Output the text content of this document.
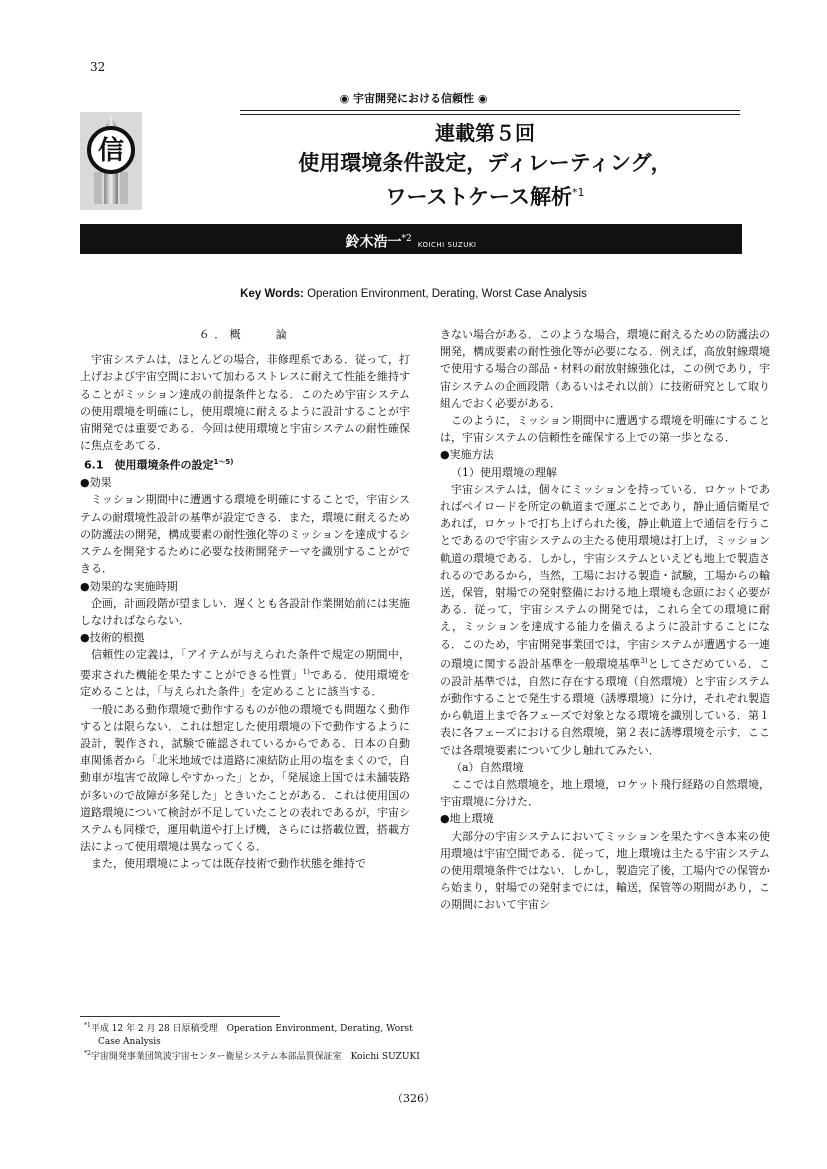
32
◉ 宇宙開発における信頼性 ◉
信
連載第５回
使用環境条件設定，ディレーティング，
ワーストケース解析$^{*1}$
鈴木浩一$^{*2}$KOICHI SUZUKI
Key Words: Operation Environment, Derating, Worst Case Analysis

６．概　　論

宇宙システムは，ほとんどの場合，非修理系である．従って，打上げおよび宇宙空間において加わるストレスに耐えて性能を維持することがミッション達成の前提条件となる．このため宇宙システムの使用環境を明確にし，使用環境に耐えるように設計することが宇宙開発では重要である．今回は使用環境と宇宙システムの耐性確保に焦点をあてる．

6.1　使用環境条件の設定$^{1〜5)}$

●効果

ミッション期間中に遭遇する環境を明確にすることで，宇宙システムの耐環境性設計の基準が設定できる．また，環境に耐えるための防護法の開発，構成要素の耐性強化等のミッションを達成するシステムを開発するために必要な技術開発テーマを識別することができる．

●効果的な実施時期

企画，計画段階が望ましい．遅くとも各設計作業開始前には実施しなければならない．

●技術的根拠

信頼性の定義は，「アイテムが与えられた条件で規定の期間中，要求された機能を果たすことができる性質」$^{1)}$である．使用環境を定めることは，「与えられた条件」を定めることに該当する．

一般にある動作環境で動作するものが他の環境でも問題なく動作するとは限らない．これは想定した使用環境の下で動作するように設計，製作され，試験で確認されているからである．日本の自動車関係者から「北米地域では道路に凍結防止用の塩をまくので，自動車が塩害で故障しやすかった」とか，「発展途上国では未舗装路が多いので故障が多発した」ときいたことがある．これは使用国の道路環境について検討が不足していたことの表れであるが，宇宙システムも同様で，運用軌道や打上げ機，さらには搭載位置，搭載方法によって使用環境は異なってくる．

また，使用環境によっては既存技術で動作状態を維持で

きない場合がある．このような場合，環境に耐えるための防護法の開発，構成要素の耐性強化等が必要になる．例えば，高放射線環境で使用する場合の部品・材料の耐放射線強化は，この例であり，宇宙システムの企画段階（あるいはそれ以前）に技術研究として取り組んでおく必要がある．

このように，ミッション期間中に遭遇する環境を明確にすることは，宇宙システムの信頼性を確保する上での第一歩となる．

●実施方法

（1）使用環境の理解

宇宙システムは，個々にミッションを持っている．ロケットであればペイロードを所定の軌道まで運ぶことであり，静止通信衛星であれば，ロケットで打ち上げられた後，静止軌道上で通信を行うことであるので宇宙システムの主たる使用環境は打上げ，ミッション軌道の環境である．しかし，宇宙システムといえども地上で製造されるのであるから，当然，工場における製造・試験，工場からの輸送，保管，射場での発射整備における地上環境も念頭におく必要がある．従って，宇宙システムの開発では，これら全ての環境に耐え，ミッションを達成する能力を備えるように設計することになる．このため，宇宙開発事業団では，宇宙システムが遭遇する一連の環境に関する設計基準を一般環境基準$^{3)}$としてさだめている．この設計基準では，自然に存在する環境（自然環境）と宇宙システムが動作することで発生する環境（誘導環境）に分け，それぞれ製造から軌道上まで各フェーズで対象となる環境を識別している．第１表に各フェーズにおける自然環境，第２表に誘導環境を示す．ここでは各環境要素について少し触れてみたい．

（a）自然環境

ここでは自然環境を，地上環境，ロケット飛行経路の自然環境，宇宙環境に分けた．

●地上環境

大部分の宇宙システムにおいてミッションを果たすべき本来の使用環境は宇宙空間である．従って，地上環境は主たる宇宙システムの使用環境条件ではない．しかし，製造完了後，工場内での保管から始まり，射場での発射までには，輸送，保管等の期間があり，この期間において宇宙シ

$^{*1}$平成 12 年 2 月 28 日原稿受理　Operation Environment, Derating, Worst Case Analysis

$^{*2}$宇宙開発事業団筑波宇宙センター衛星システム本部品質保証室　Koichi SUZUKI

（326）
